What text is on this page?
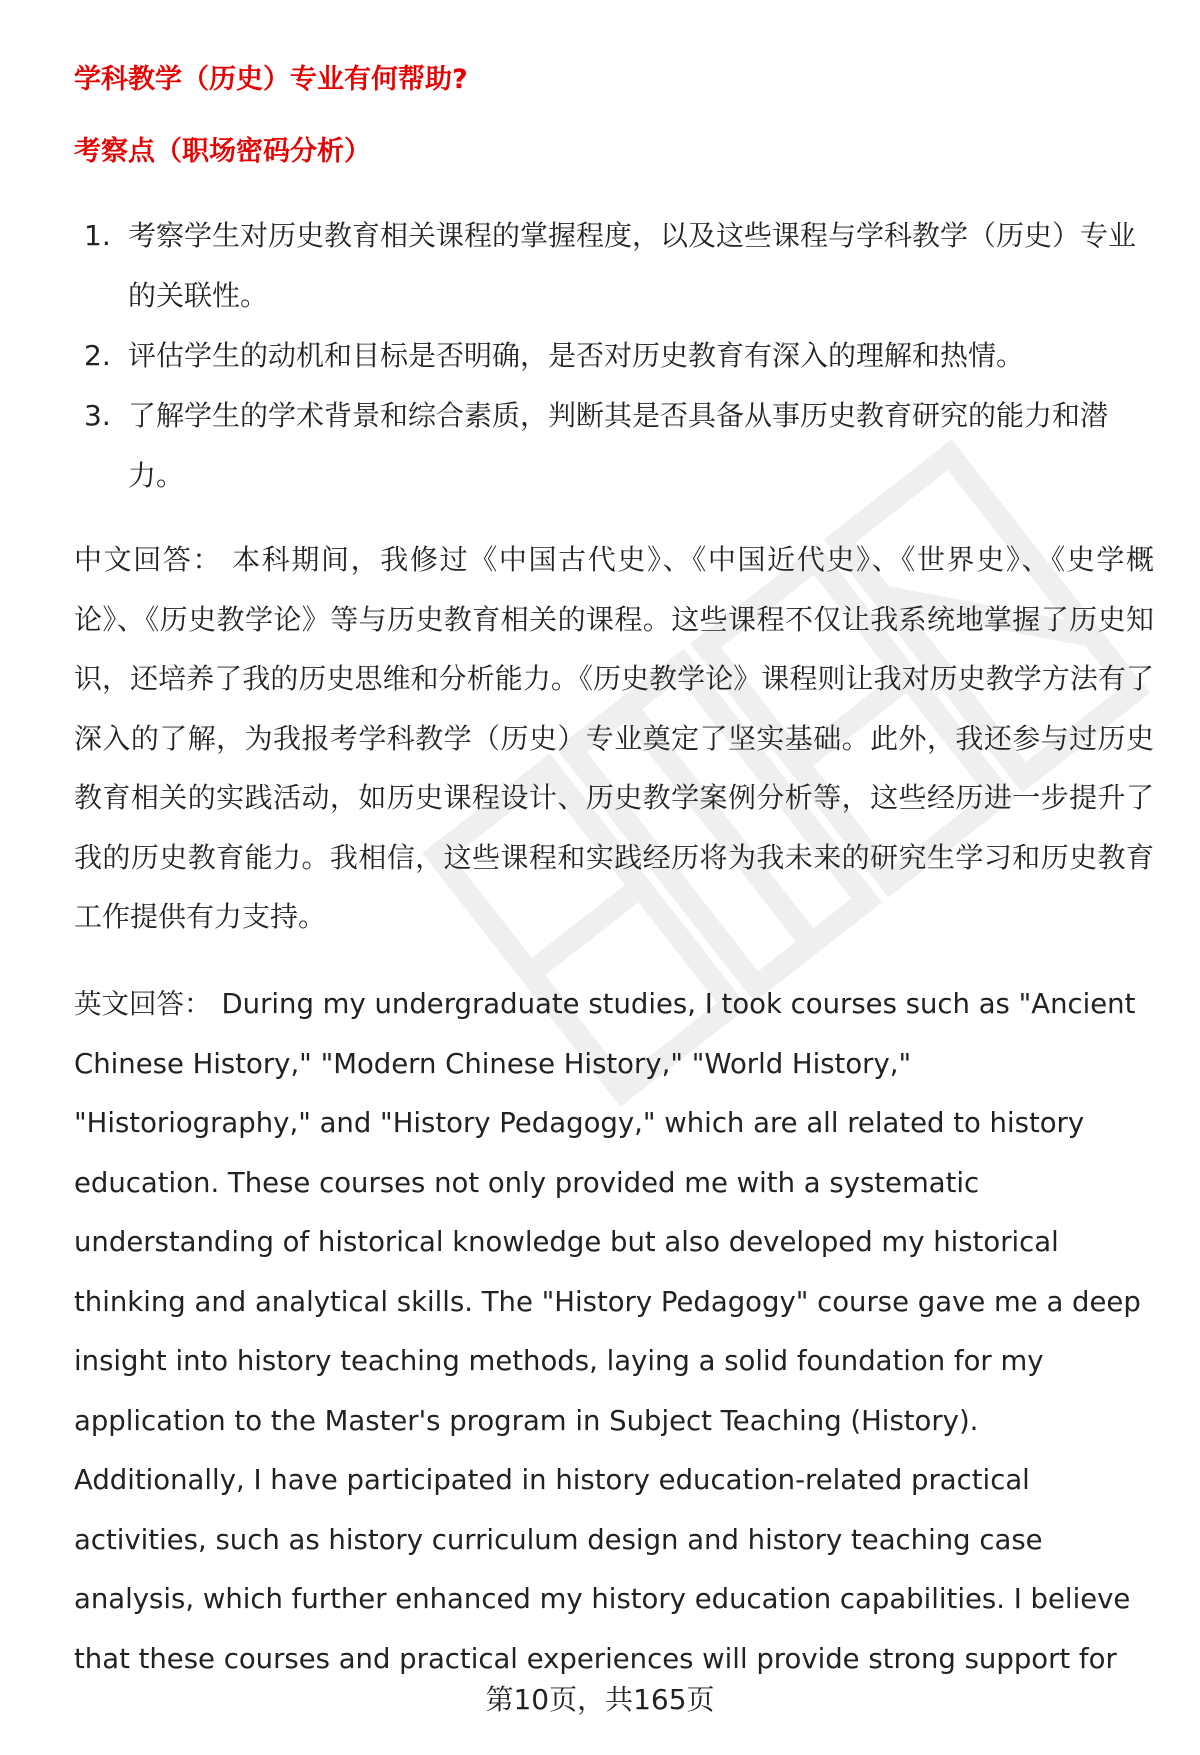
学科教学（历史）专业有何帮助?
考察点（职场密码分析）
1. 考察学生对历史教育相关课程的掌握程度，以及这些课程与学科教学（历史）专业的关联性。
2. 评估学生的动机和目标是否明确，是否对历史教育有深入的理解和热情。
3. 了解学生的学术背景和综合素质，判断其是否具备从事历史教育研究的能力和潜力。

中文回答： 本科期间，我修过《中国古代史》、《中国近代史》、《世界史》、《史学概论》、《历史教学论》等与历史教育相关的课程。这些课程不仅让我系统地掌握了历史知识，还培养了我的历史思维和分析能力。《历史教学论》课程则让我对历史教学方法有了深入的了解，为我报考学科教学（历史）专业奠定了坚实基础。此外，我还参与过历史教育相关的实践活动，如历史课程设计、历史教学案例分析等，这些经历进一步提升了我的历史教育能力。我相信，这些课程和实践经历将为我未来的研究生学习和历史教育工作提供有力支持。

英文回答： During my undergraduate studies, I took courses such as "Ancient Chinese History," "Modern Chinese History," "World History," "Historiography," and "History Pedagogy," which are all related to history education. These courses not only provided me with a systematic understanding of historical knowledge but also developed my historical thinking and analytical skills. The "History Pedagogy" course gave me a deep insight into history teaching methods, laying a solid foundation for my application to the Master's program in Subject Teaching (History). Additionally, I have participated in history education-related practical activities, such as history curriculum design and history teaching case analysis, which further enhanced my history education capabilities. I believe that these courses and practical experiences will provide strong support for

第10页，共165页
